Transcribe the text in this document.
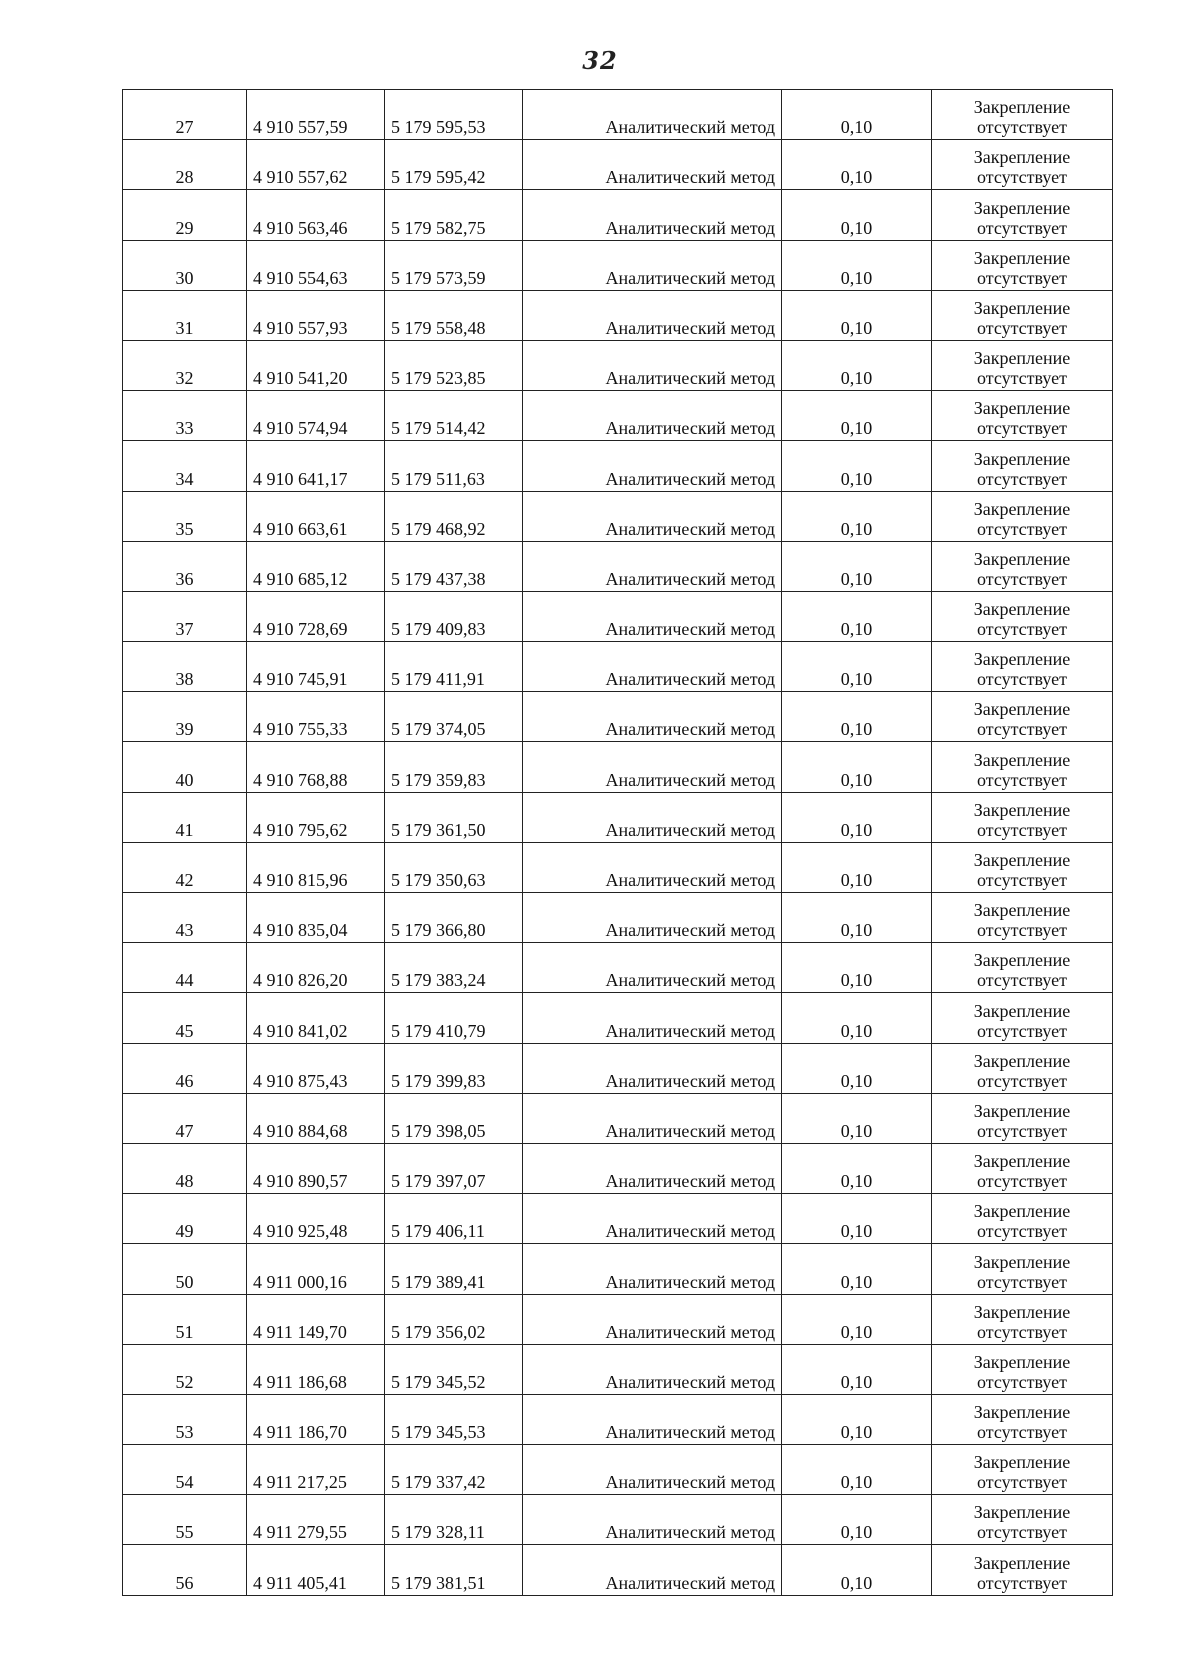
32
27	4 910 557,59	5 179 595,53	Аналитический метод	0,10	Закрепление
отсутствует

28	4 910 557,62	5 179 595,42	Аналитический метод	0,10	Закрепление
отсутствует

29	4 910 563,46	5 179 582,75	Аналитический метод	0,10	Закрепление
отсутствует

30	4 910 554,63	5 179 573,59	Аналитический метод	0,10	Закрепление
отсутствует

31	4 910 557,93	5 179 558,48	Аналитический метод	0,10	Закрепление
отсутствует

32	4 910 541,20	5 179 523,85	Аналитический метод	0,10	Закрепление
отсутствует

33	4 910 574,94	5 179 514,42	Аналитический метод	0,10	Закрепление
отсутствует

34	4 910 641,17	5 179 511,63	Аналитический метод	0,10	Закрепление
отсутствует

35	4 910 663,61	5 179 468,92	Аналитический метод	0,10	Закрепление
отсутствует

36	4 910 685,12	5 179 437,38	Аналитический метод	0,10	Закрепление
отсутствует

37	4 910 728,69	5 179 409,83	Аналитический метод	0,10	Закрепление
отсутствует

38	4 910 745,91	5 179 411,91	Аналитический метод	0,10	Закрепление
отсутствует

39	4 910 755,33	5 179 374,05	Аналитический метод	0,10	Закрепление
отсутствует

40	4 910 768,88	5 179 359,83	Аналитический метод	0,10	Закрепление
отсутствует

41	4 910 795,62	5 179 361,50	Аналитический метод	0,10	Закрепление
отсутствует

42	4 910 815,96	5 179 350,63	Аналитический метод	0,10	Закрепление
отсутствует

43	4 910 835,04	5 179 366,80	Аналитический метод	0,10	Закрепление
отсутствует

44	4 910 826,20	5 179 383,24	Аналитический метод	0,10	Закрепление
отсутствует

45	4 910 841,02	5 179 410,79	Аналитический метод	0,10	Закрепление
отсутствует

46	4 910 875,43	5 179 399,83	Аналитический метод	0,10	Закрепление
отсутствует

47	4 910 884,68	5 179 398,05	Аналитический метод	0,10	Закрепление
отсутствует

48	4 910 890,57	5 179 397,07	Аналитический метод	0,10	Закрепление
отсутствует

49	4 910 925,48	5 179 406,11	Аналитический метод	0,10	Закрепление
отсутствует

50	4 911 000,16	5 179 389,41	Аналитический метод	0,10	Закрепление
отсутствует

51	4 911 149,70	5 179 356,02	Аналитический метод	0,10	Закрепление
отсутствует

52	4 911 186,68	5 179 345,52	Аналитический метод	0,10	Закрепление
отсутствует

53	4 911 186,70	5 179 345,53	Аналитический метод	0,10	Закрепление
отсутствует

54	4 911 217,25	5 179 337,42	Аналитический метод	0,10	Закрепление
отсутствует

55	4 911 279,55	5 179 328,11	Аналитический метод	0,10	Закрепление
отсутствует

56	4 911 405,41	5 179 381,51	Аналитический метод	0,10	Закрепление
отсутствует
